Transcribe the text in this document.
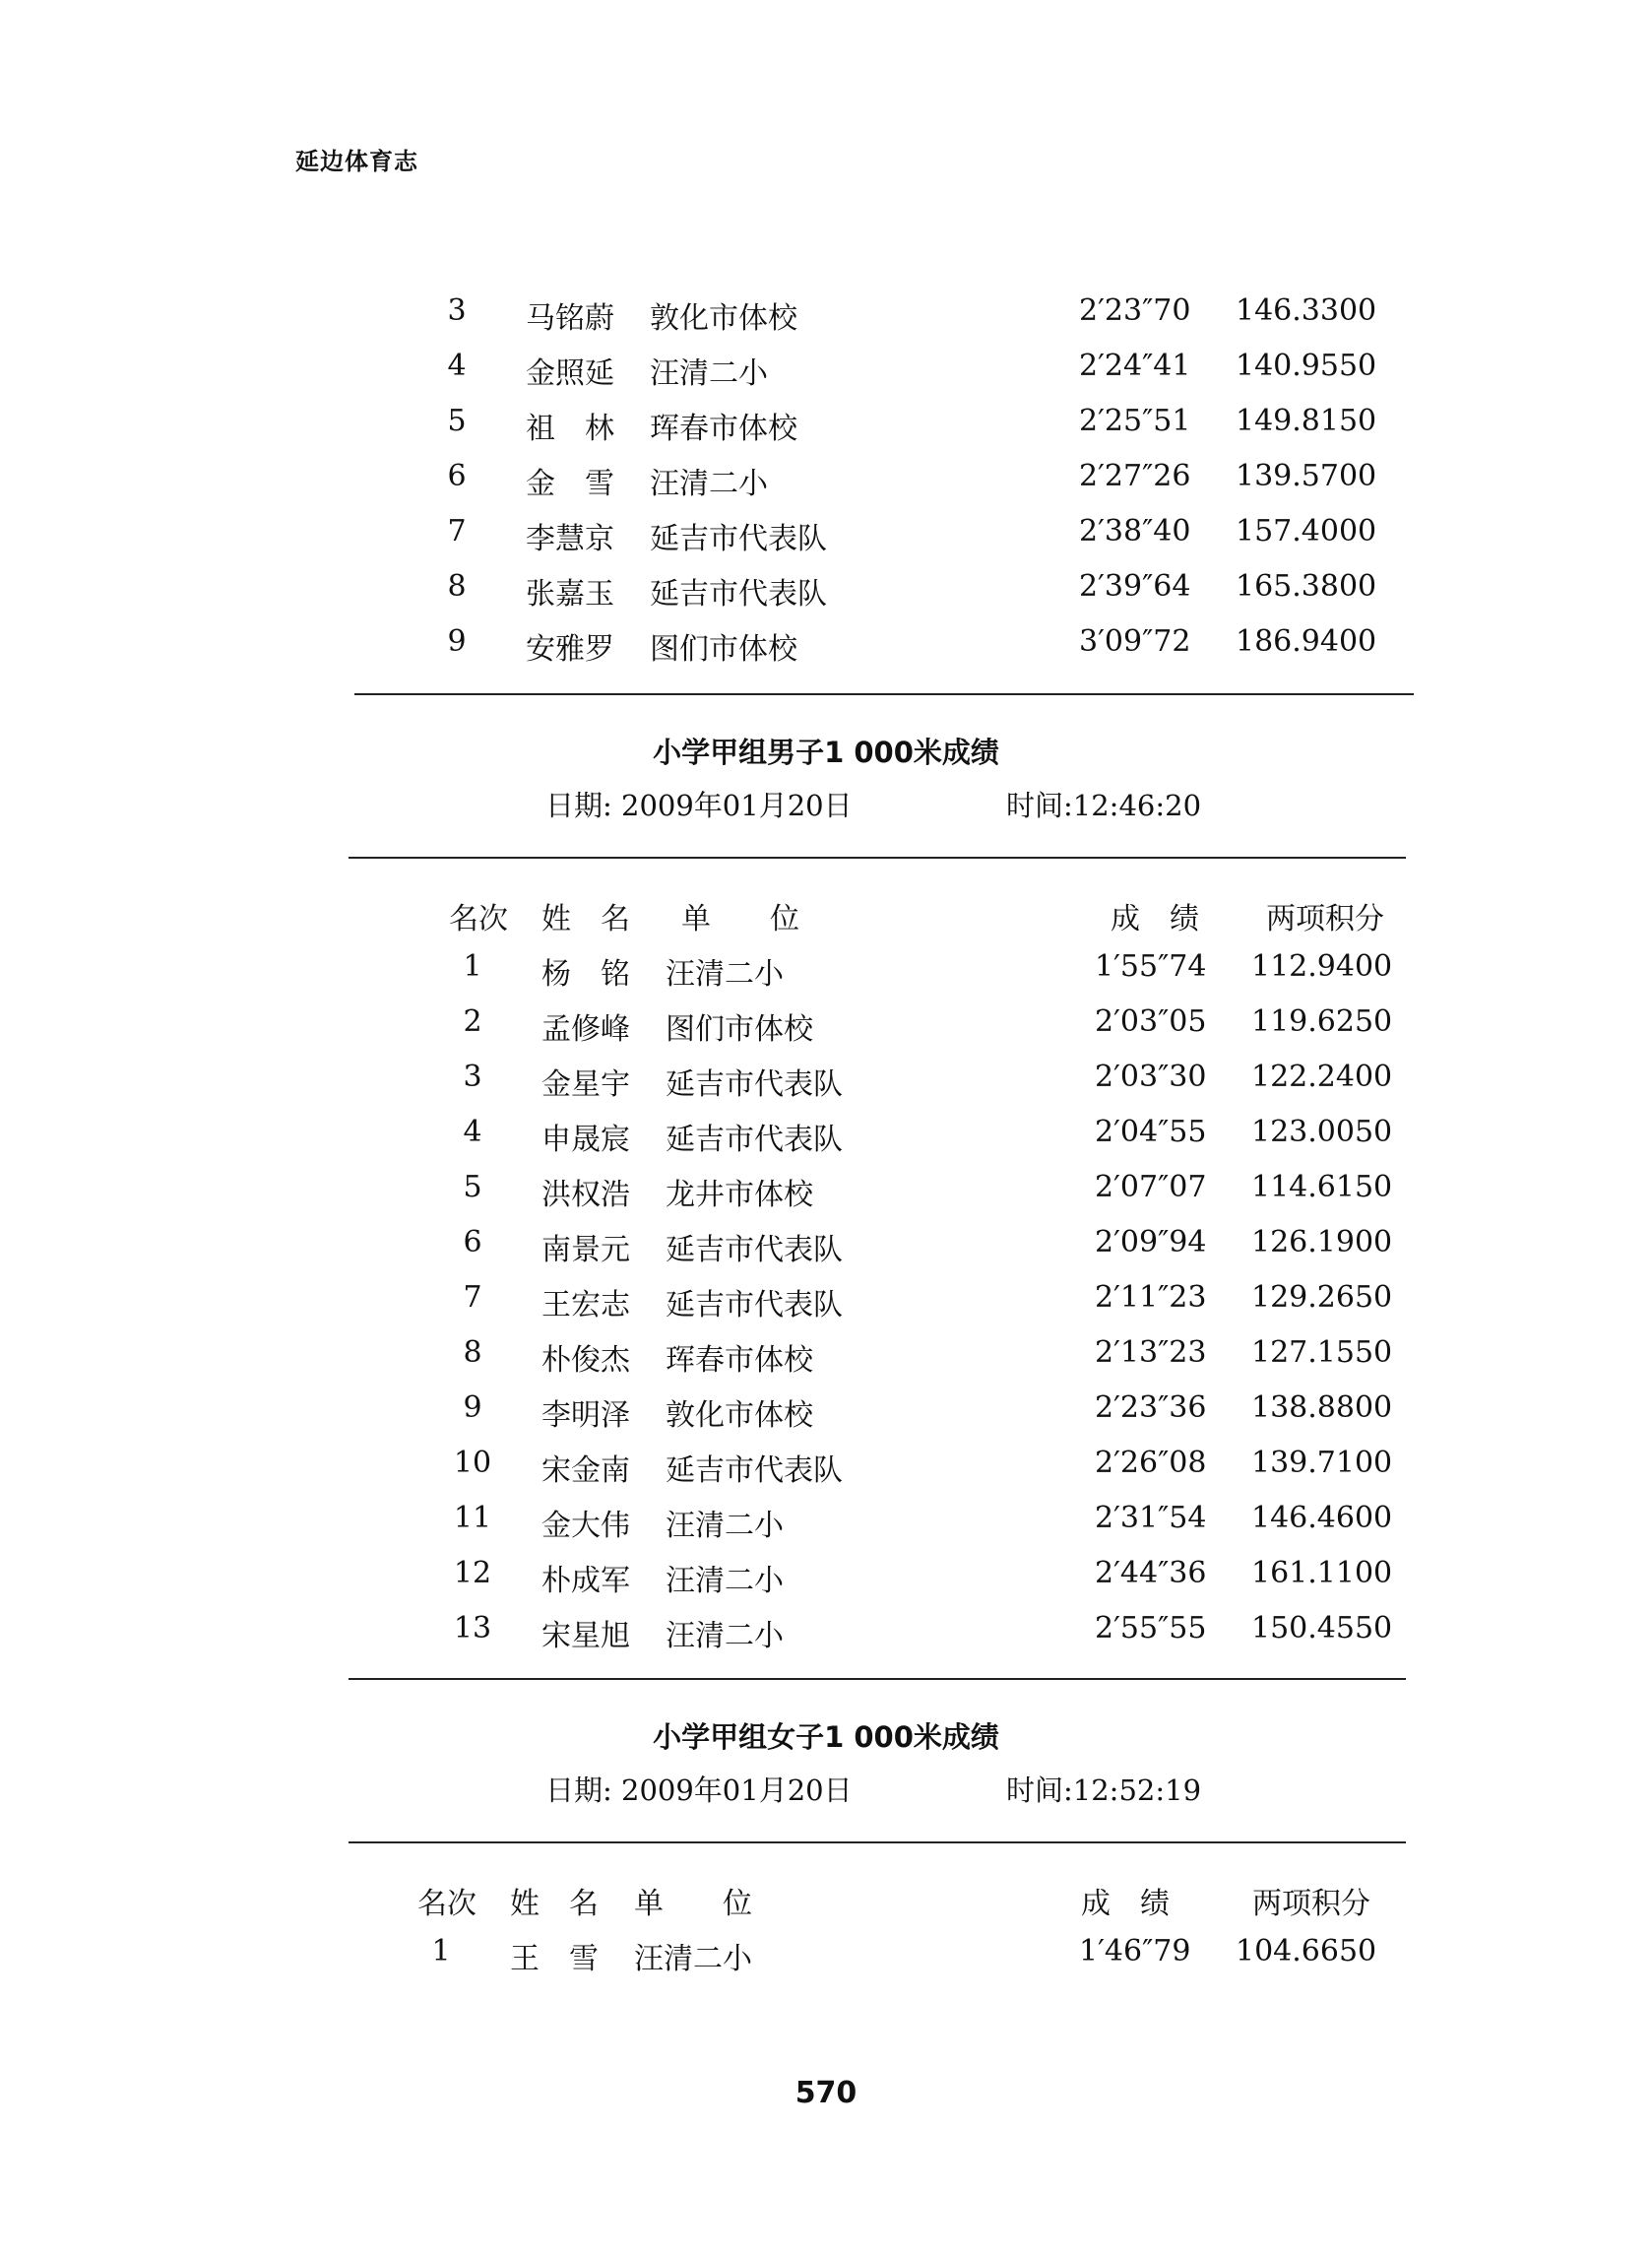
延边体育志
3	马铭蔚 敦化市体校	2′23″70 146.3300
4	金照延 汪清二小	2′24″41 140.9550
5	祖　林 珲春市体校	2′25″51 149.8150
6	金　雪 汪清二小	2′27″26 139.5700
7	李慧京 延吉市代表队	2′38″40 157.4000
8	张嘉玉 延吉市代表队	2′39″64 165.3800
9	安雅罗 图们市体校	3′09″72 186.9400
小学甲组男子1 000米成绩
日期: 2009年01月20日	时间:12:46:20
名次 姓　名 单　　位	成　绩 两项积分
1	杨　铭 汪清二小	1′55″74 112.9400
2	孟修峰 图们市体校	2′03″05 119.6250
3	金星宇 延吉市代表队	2′03″30 122.2400
4	申晟宸 延吉市代表队	2′04″55 123.0050
5	洪权浩 龙井市体校	2′07″07 114.6150
6	南景元 延吉市代表队	2′09″94 126.1900
7	王宏志 延吉市代表队	2′11″23 129.2650
8	朴俊杰 珲春市体校	2′13″23 127.1550
9	李明泽 敦化市体校	2′23″36 138.8800
10	宋金南 延吉市代表队	2′26″08 139.7100
11	金大伟 汪清二小	2′31″54 146.4600
12	朴成军 汪清二小	2′44″36 161.1100
13	宋星旭 汪清二小	2′55″55 150.4550
小学甲组女子1 000米成绩
日期: 2009年01月20日	时间:12:52:19
名次 姓　名 单　　位	成　绩	两项积分
1	王　雪 汪清二小	1′46″79 104.6650
570
